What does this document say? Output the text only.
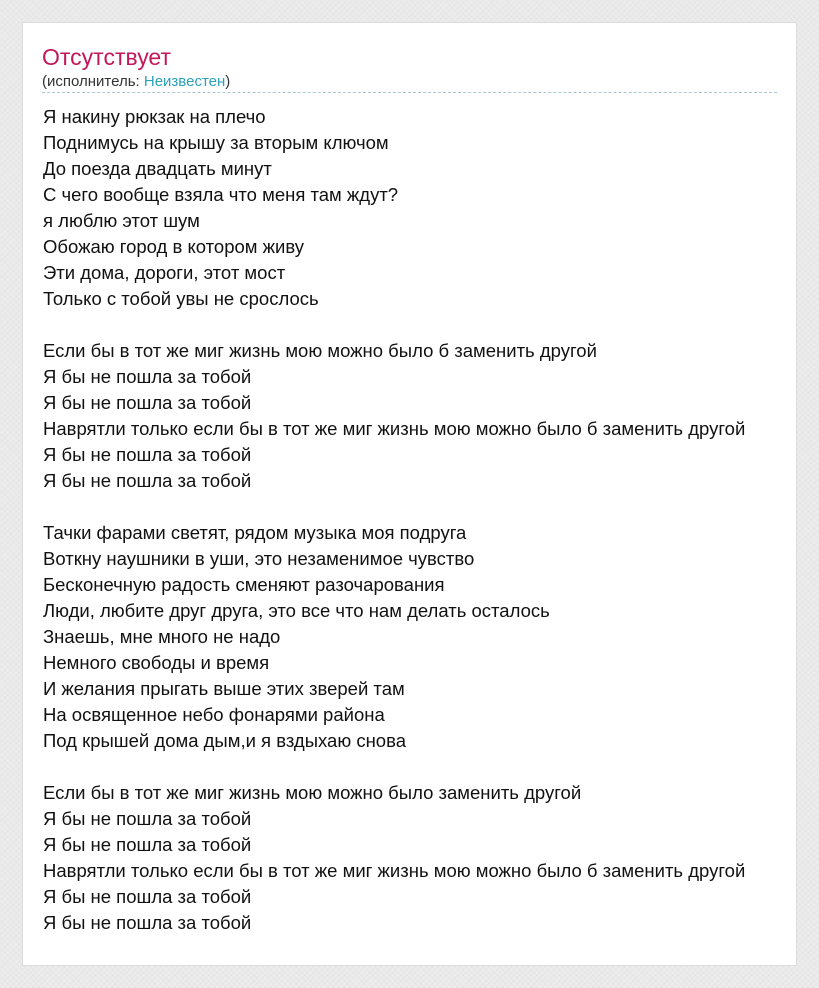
Отсутствует
(исполнитель: Неизвестен)
Я накину рюкзак на плечо
Поднимусь на крышу за вторым ключом
До поезда двадцать минут
С чего вообще взяла что меня там ждут?
я люблю этот шум
Обожаю город в котором живу
Эти дома, дороги, этот мост
Только с тобой увы не срослось
Если бы в тот же миг жизнь мою можно было б заменить другой
Я бы не пошла за тобой
Я бы не пошла за тобой
Наврятли только если бы в тот же миг жизнь мою можно было б заменить другой
Я бы не пошла за тобой
Я бы не пошла за тобой
Тачки фарами светят, рядом музыка моя подруга
Воткну наушники в уши, это незаменимое чувство
Бесконечную радость сменяют разочарования
Люди, любите друг друга, это все что нам делать осталось
Знаешь, мне много не надо
Немного свободы и время
И желания прыгать выше этих зверей там
На освященное небо фонарями района
Под крышей дома дым,и я вздыхаю снова
Если бы в тот же миг жизнь мою можно было заменить другой
Я бы не пошла за тобой
Я бы не пошла за тобой
Наврятли только если бы в тот же миг жизнь мою можно было б заменить другой
Я бы не пошла за тобой
Я бы не пошла за тобой
